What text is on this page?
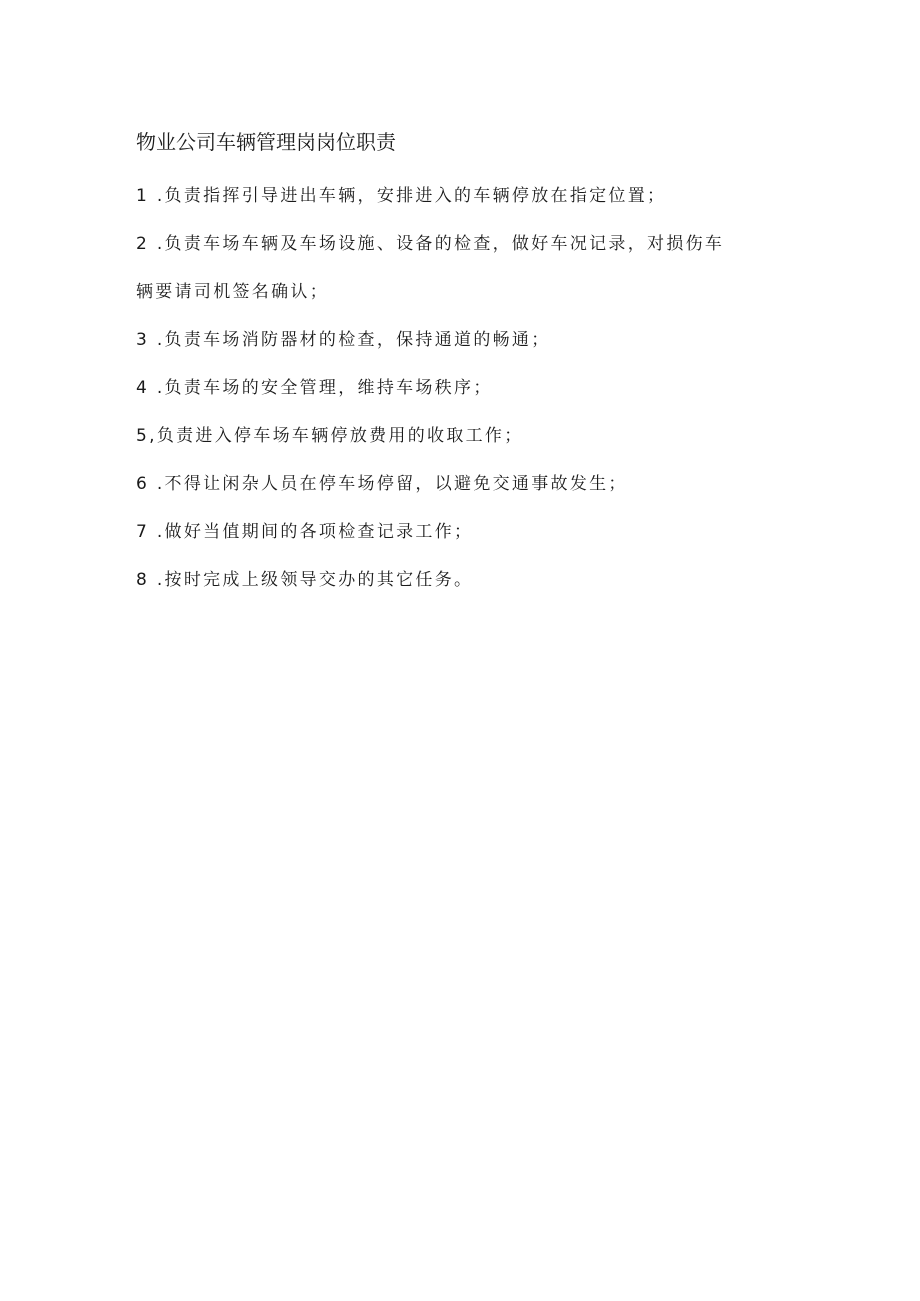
物业公司车辆管理岗岗位职责
1 .负责指挥引导进出车辆，安排进入的车辆停放在指定位置；
2 .负责车场车辆及车场设施、设备的检查，做好车况记录，对损伤车
辆要请司机签名确认；
3 .负责车场消防器材的检查，保持通道的畅通；
4 .负责车场的安全管理，维持车场秩序；
5,负责进入停车场车辆停放费用的收取工作；
6 .不得让闲杂人员在停车场停留，以避免交通事故发生；
7 .做好当值期间的各项检查记录工作；
8 .按时完成上级领导交办的其它任务。
